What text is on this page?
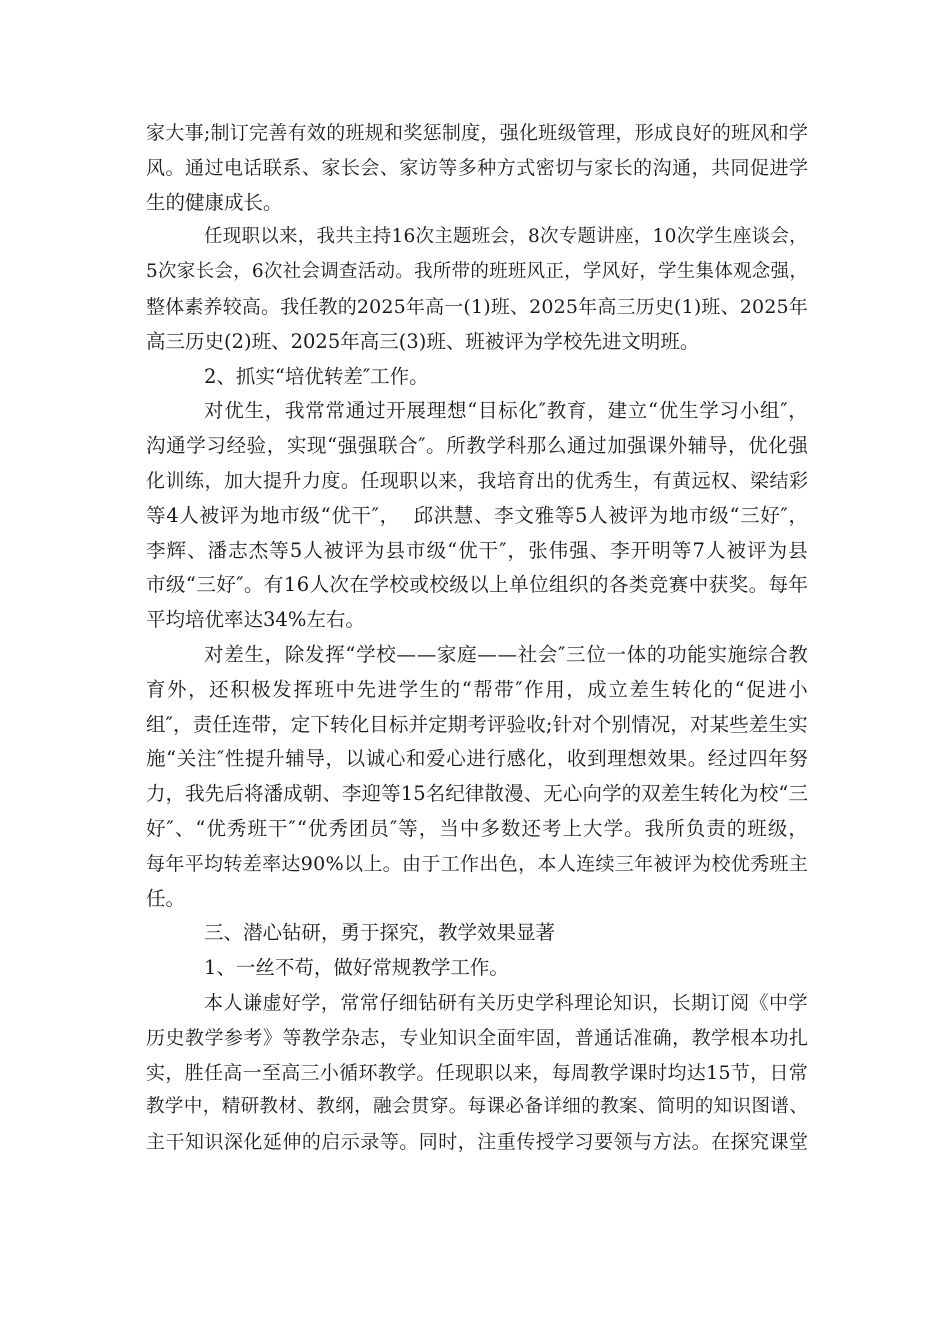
家 大 事 ; 制 订 完 善 有 效 的 班 规 和 奖 惩 制 度 ， 强 化 班 级 管 理 ， 形 成 良 好 的 班 风 和 学
风 。 通 过 电 话 联 系 、 家 长 会 、 家 访 等 多 种 方 式 密 切 与 家 长 的 沟 通 ， 共 同 促 进 学
生的健康成长。
任 现 职 以 来 ， 我 共 主 持 1 6 次 主 题 班 会 ， 8 次 专 题 讲 座 ， 1 0 次 学 生 座 谈 会 ，
5 次 家 长 会 ， 6 次 社 会 调 查 活 动 。 我 所 带 的 班 班 风 正 ， 学 风 好 ， 学 生 集 体 观 念 强 ，
整 体 素 养 较 高 。 我 任 教 的 2 0 2 5 年 高 一 ( 1 ) 班 、 2 0 2 5 年 高 三 历 史 ( 1 ) 班 、 2 0 2 5 年
高三历史(2)班、2025年高三(3)班、班被评为学校先进文明班。
2、抓实“培优转差″工作。
对 优 生 ， 我 常 常 通 过 开 展 理 想 “ 目 标 化 ″ 教 育 ， 建 立 “ 优 生 学 习 小 组 ″ ，
沟 通 学 习 经 验 ， 实 现 “ 强 强 联 合 ″ 。 所 教 学 科 那 么 通 过 加 强 课 外 辅 导 ， 优 化 强
化 训 练 ， 加 大 提 升 力 度 。 任 现 职 以 来 ， 我 培 育 出 的 优 秀 生 ， 有 黄 远 权 、 梁 结 彩
等 4 人 被 评 为 地 市 级 “ 优 干 ″ ，

邱 洪 慧 、 李 文 雅 等 5 人 被 评 为 地 市 级 “ 三 好 ″ ，
李 辉 、 潘 志 杰 等 5 人 被 评 为 县 市 级 “ 优 干 ″ ， 张 伟 强 、 李 开 明 等 7 人 被 评 为 县
市 级 “ 三 好 ″ 。 有 1 6 人 次 在 学 校 或 校 级 以 上 单 位 组 织 的 各 类 竞 赛 中 获 奖 。 每 年
平均培优率达34%左右。
对 差 生 ， 除 发 挥 “ 学 校 — — 家 庭 — — 社 会 ″ 三 位 一 体 的 功 能 实 施 综 合 教
育 外 ， 还 积 极 发 挥 班 中 先 进 学 生 的 “ 帮 带 ″ 作 用 ， 成 立 差 生 转 化 的 “ 促 进 小
组 ″ ， 责 任 连 带 ， 定 下 转 化 目 标 并 定 期 考 评 验 收 ; 针 对 个 别 情 况 ， 对 某 些 差 生 实
施 “ 关 注 ″ 性 提 升 辅 导 ， 以 诚 心 和 爱 心 进 行 感 化 ， 收 到 理 想 效 果 。 经 过 四 年 努
力 ， 我 先 后 将 潘 成 朝 、 李 迎 等 1 5 名 纪 律 散 漫 、 无 心 向 学 的 双 差 生 转 化 为 校 “ 三
好 ″ 、 “ 优 秀 班 干 ″ “ 优 秀 团 员 ″ 等 ， 当 中 多 数 还 考 上 大 学 。 我 所 负 责 的 班 级 ，
每 年 平 均 转 差 率 达 9 0 % 以 上 。 由 于 工 作 出 色 ， 本 人 连 续 三 年 被 评 为 校 优 秀 班 主
任。
三、潜心钻研，勇于探究，教学效果显著
1、一丝不苟，做好常规教学工作。
本 人 谦 虚 好 学 ， 常 常 仔 细 钻 研 有 关 历 史 学 科 理 论 知 识 ， 长 期 订 阅 《 中 学
历 史 教 学 参 考 》 等 教 学 杂 志 ， 专 业 知 识 全 面 牢 固 ， 普 通 话 准 确 ， 教 学 根 本 功 扎
实 ， 胜 任 高 一 至 高 三 小 循 环 教 学 。 任 现 职 以 来 ， 每 周 教 学 课 时 均 达 1 5 节 ， 日 常
教 学 中 ， 精 研 教 材 、 教 纲 ， 融 会 贯 穿 。 每 课 必 备 详 细 的 教 案 、 简 明 的 知 识 图 谱 、
主 干 知 识 深 化 延 伸 的 启 示 录 等 。 同 时 ， 注 重 传 授 学 习 要 领 与 方 法 。 在 探 究 课 堂
